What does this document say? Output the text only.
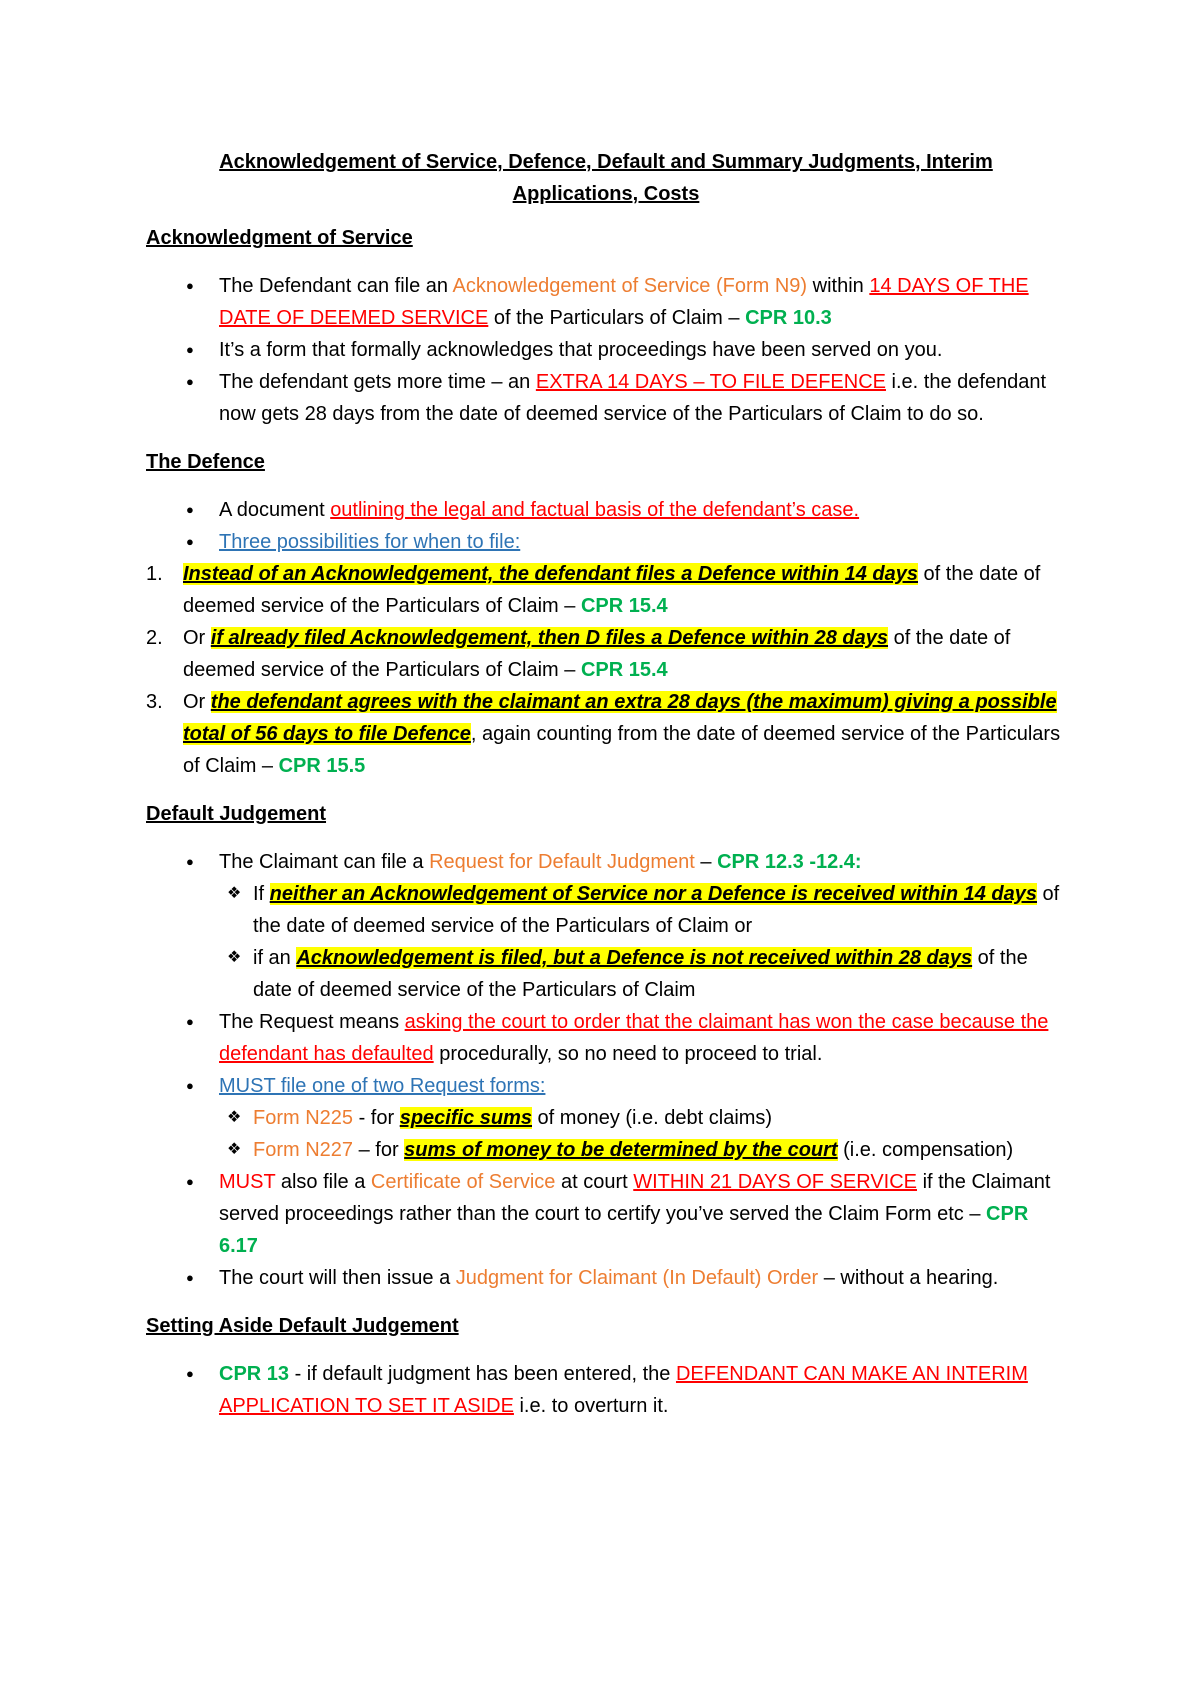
Acknowledgement of Service, Defence, Default and Summary Judgments, Interim
Applications, Costs
Acknowledgment of Service
● The Defendant can file an Acknowledgement of Service (Form N9) within 14 DAYS OF THE DATE OF DEEMED SERVICE of the Particulars of Claim – CPR 10.3
● It’s a form that formally acknowledges that proceedings have been served on you.
● The defendant gets more time – an EXTRA 14 DAYS – TO FILE DEFENCE i.e. the defendant now gets 28 days from the date of deemed service of the Particulars of Claim to do so.
The Defence
● A document outlining the legal and factual basis of the defendant’s case.
● Three possibilities for when to file:
1. Instead of an Acknowledgement, the defendant files a Defence within 14 days of the date of deemed service of the Particulars of Claim – CPR 15.4
2. Or if already filed Acknowledgement, then D files a Defence within 28 days of the date of deemed service of the Particulars of Claim – CPR 15.4
3. Or the defendant agrees with the claimant an extra 28 days (the maximum) giving a possible total of 56 days to file Defence, again counting from the date of deemed service of the Particulars of Claim – CPR 15.5
Default Judgement
● The Claimant can file a Request for Default Judgment – CPR 12.3 -12.4:
❖ If neither an Acknowledgement of Service nor a Defence is received within 14 days of the date of deemed service of the Particulars of Claim or
❖ if an Acknowledgement is filed, but a Defence is not received within 28 days of the date of deemed service of the Particulars of Claim
● The Request means asking the court to order that the claimant has won the case because the defendant has defaulted procedurally, so no need to proceed to trial.
● MUST file one of two Request forms:
❖ Form N225 - for specific sums of money (i.e. debt claims)
❖ Form N227 – for sums of money to be determined by the court (i.e. compensation)
● MUST also file a Certificate of Service at court WITHIN 21 DAYS OF SERVICE if the Claimant served proceedings rather than the court to certify you’ve served the Claim Form etc – CPR 6.17
● The court will then issue a Judgment for Claimant (In Default) Order – without a hearing.
Setting Aside Default Judgement
● CPR 13 - if default judgment has been entered, the DEFENDANT CAN MAKE AN INTERIM APPLICATION TO SET IT ASIDE i.e. to overturn it.
